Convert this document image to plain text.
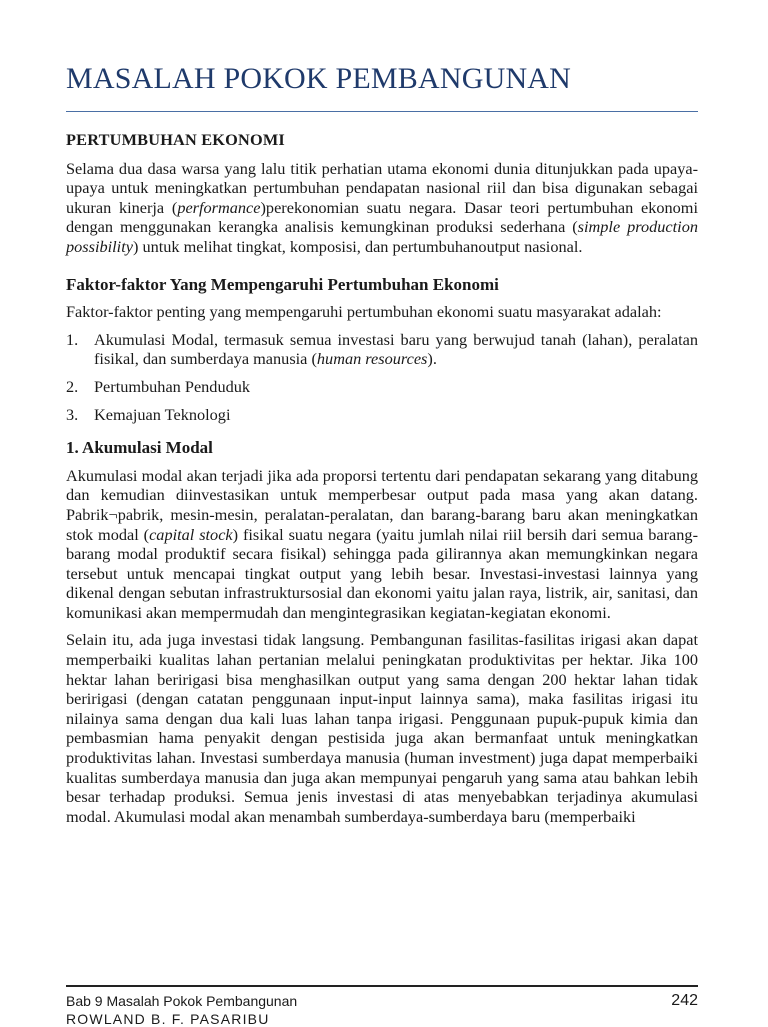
MASALAH POKOK PEMBANGUNAN
PERTUMBUHAN EKONOMI

Selama dua dasa warsa yang lalu titik perhatian utama ekonomi dunia ditunjukkan pada upaya-upaya untuk meningkatkan pertumbuhan pendapatan nasional riil dan bisa digunakan sebagai ukuran kinerja (performance)perekonomian suatu negara. Dasar teori pertumbuhan ekonomi dengan menggunakan kerangka analisis kemungkinan produksi sederhana (simple production possibility) untuk melihat tingkat, komposisi, dan pertumbuhanoutput nasional.

Faktor-faktor Yang Mempengaruhi Pertumbuhan Ekonomi

Faktor-faktor penting yang mempengaruhi pertumbuhan ekonomi suatu masyarakat adalah:

1. Akumulasi Modal, termasuk semua investasi baru yang berwujud tanah (lahan), peralatan fisikal, dan sumberdaya manusia (human resources).
2. Pertumbuhan Penduduk
3. Kemajuan Teknologi
1. Akumulasi Modal

Akumulasi modal akan terjadi jika ada proporsi tertentu dari pendapatan sekarang yang ditabung dan kemudian diinvestasikan untuk memperbesar output pada masa yang akan datang. Pabrik¬pabrik, mesin-mesin, peralatan-peralatan, dan barang-barang baru akan meningkatkan stok modal (capital stock) fisikal suatu negara (yaitu jumlah nilai riil bersih dari semua barang-barang modal produktif secara fisikal) sehingga pada gilirannya akan memungkinkan negara tersebut untuk mencapai tingkat output yang lebih besar. Investasi-investasi lainnya yang dikenal dengan sebutan infrastruktursosial dan ekonomi yaitu jalan raya, listrik, air, sanitasi, dan komunikasi akan mempermudah dan mengintegrasikan kegiatan-kegiatan ekonomi.

Selain itu, ada juga investasi tidak langsung. Pembangunan fasilitas-fasilitas irigasi akan dapat memperbaiki kualitas lahan pertanian melalui peningkatan produktivitas per hektar. Jika 100 hektar lahan beririgasi bisa menghasilkan output yang sama dengan 200 hektar lahan tidak beririgasi (dengan catatan penggunaan input-input lainnya sama), maka fasilitas irigasi itu nilainya sama dengan dua kali luas lahan tanpa irigasi. Penggunaan pupuk-pupuk kimia dan pembasmian hama penyakit dengan pestisida juga akan bermanfaat untuk meningkatkan produktivitas lahan. Investasi sumberdaya manusia (human investment) juga dapat memperbaiki kualitas sumberdaya manusia dan juga akan mempunyai pengaruh yang sama atau bahkan lebih besar terhadap produksi. Semua jenis investasi di atas menyebabkan terjadinya akumulasi modal. Akumulasi modal akan menambah sumberdaya-sumberdaya baru (memperbaiki

Bab 9 Masalah Pokok Pembangunan	242
ROWLAND B. F. PASARIBU
